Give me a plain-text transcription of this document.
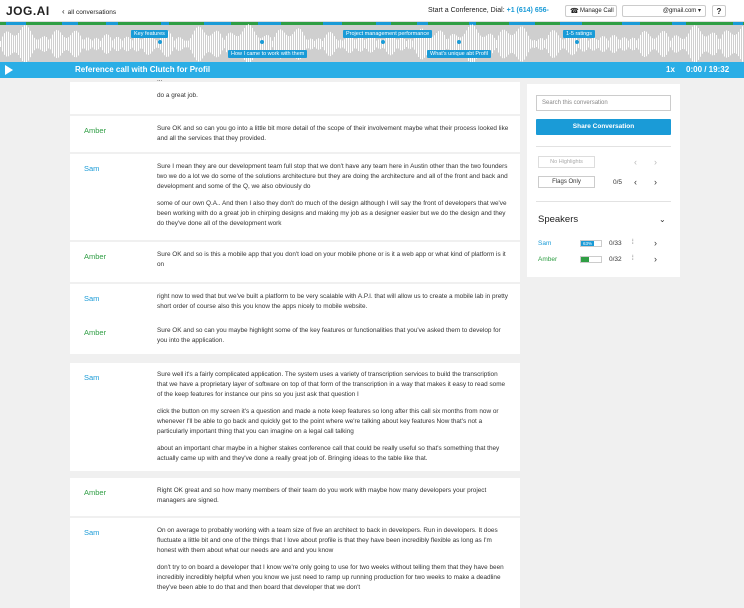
JOG.AI ‹ all conversations	Start a Conference, Dial: +1 (614) 656-	☎ Manage Call	@gmail.com ▾	?
Key features
How I came to work with them
Project management performance
What's unique abt Profil
1-5 ratings
Reference call with Clutch for Profil	1x 0:00 / 19:32
...

do a great job.

Amber	Sure OK and so can you go into a little bit more detail of the scope of their involvement maybe what their process looked like and all the services that they provided.

Sam	Sure I mean they are our development team full stop that we don't have any team here in Austin other than the two founders two we do a lot we do some of the solutions architecture but they are doing the architecture and all of the front and back and development and some of the Q, we also obviously do

some of our own Q.A.. And then I also they don't do much of the design although I will say the front of developers that we've been working with do a great job in chirping designs and making my job as a designer easier but we do the design and they do they've done all of the development work

Amber	Sure OK and so is this a mobile app that you don't load on your mobile phone or is it a web app or what kind of platform is it on

Sam	right now to wed that but we've built a platform to be very scalable with A.P.I. that will allow us to create a mobile lab in pretty short order of course also this you know the apps nicely to mobile website.

Amber	Sure OK and so can you maybe highlight some of the key features or functionalities that you've asked them to develop for you into the application.

Sam	Sure well it's a fairly complicated application. The system uses a variety of transcription services to build the transcription that we have a proprietary layer of software on top of that form of the transcription in a way that makes it easy to read some of the keep features for instance our pins so you just ask that question I

click the button on my screen it's a question and made a note keep features so long after this call six months from now or whenever I'll be able to go back and quickly get to the point where we're talking about key features Now that's not a particularly important thing that you can imagine on a legal call talking

about an important char maybe in a higher stakes conference call that could be really useful so that's something that they actually came up with and they've done a really great job of. Bringing ideas to the table like that.

Amber	Right OK great and so how many members of their team do you work with maybe how many developers your project managers are signed.

Sam	On on average to probably working with a team size of five an architect to back in developers. Run in developers. It does fluctuate a little bit and one of the things that I love about profile is that they have been incredibly flexible as long as I'm honest with them about what our needs are and and you know

don't try to on board a developer that I know we're only going to use for two weeks without telling them that they have been incredibly incredibly helpful when you know we just need to ramp up running production for two weeks to make a deadline they've been able to do that and then board that developer that we don't

Search this conversation
Share Conversation
No Highlights	‹ ›
Flags Only	0/5 ‹ ›
Speakers	⌄
Sam	63%	0/33 ⦙ ›
Amber	0/32 ⦙ ›
